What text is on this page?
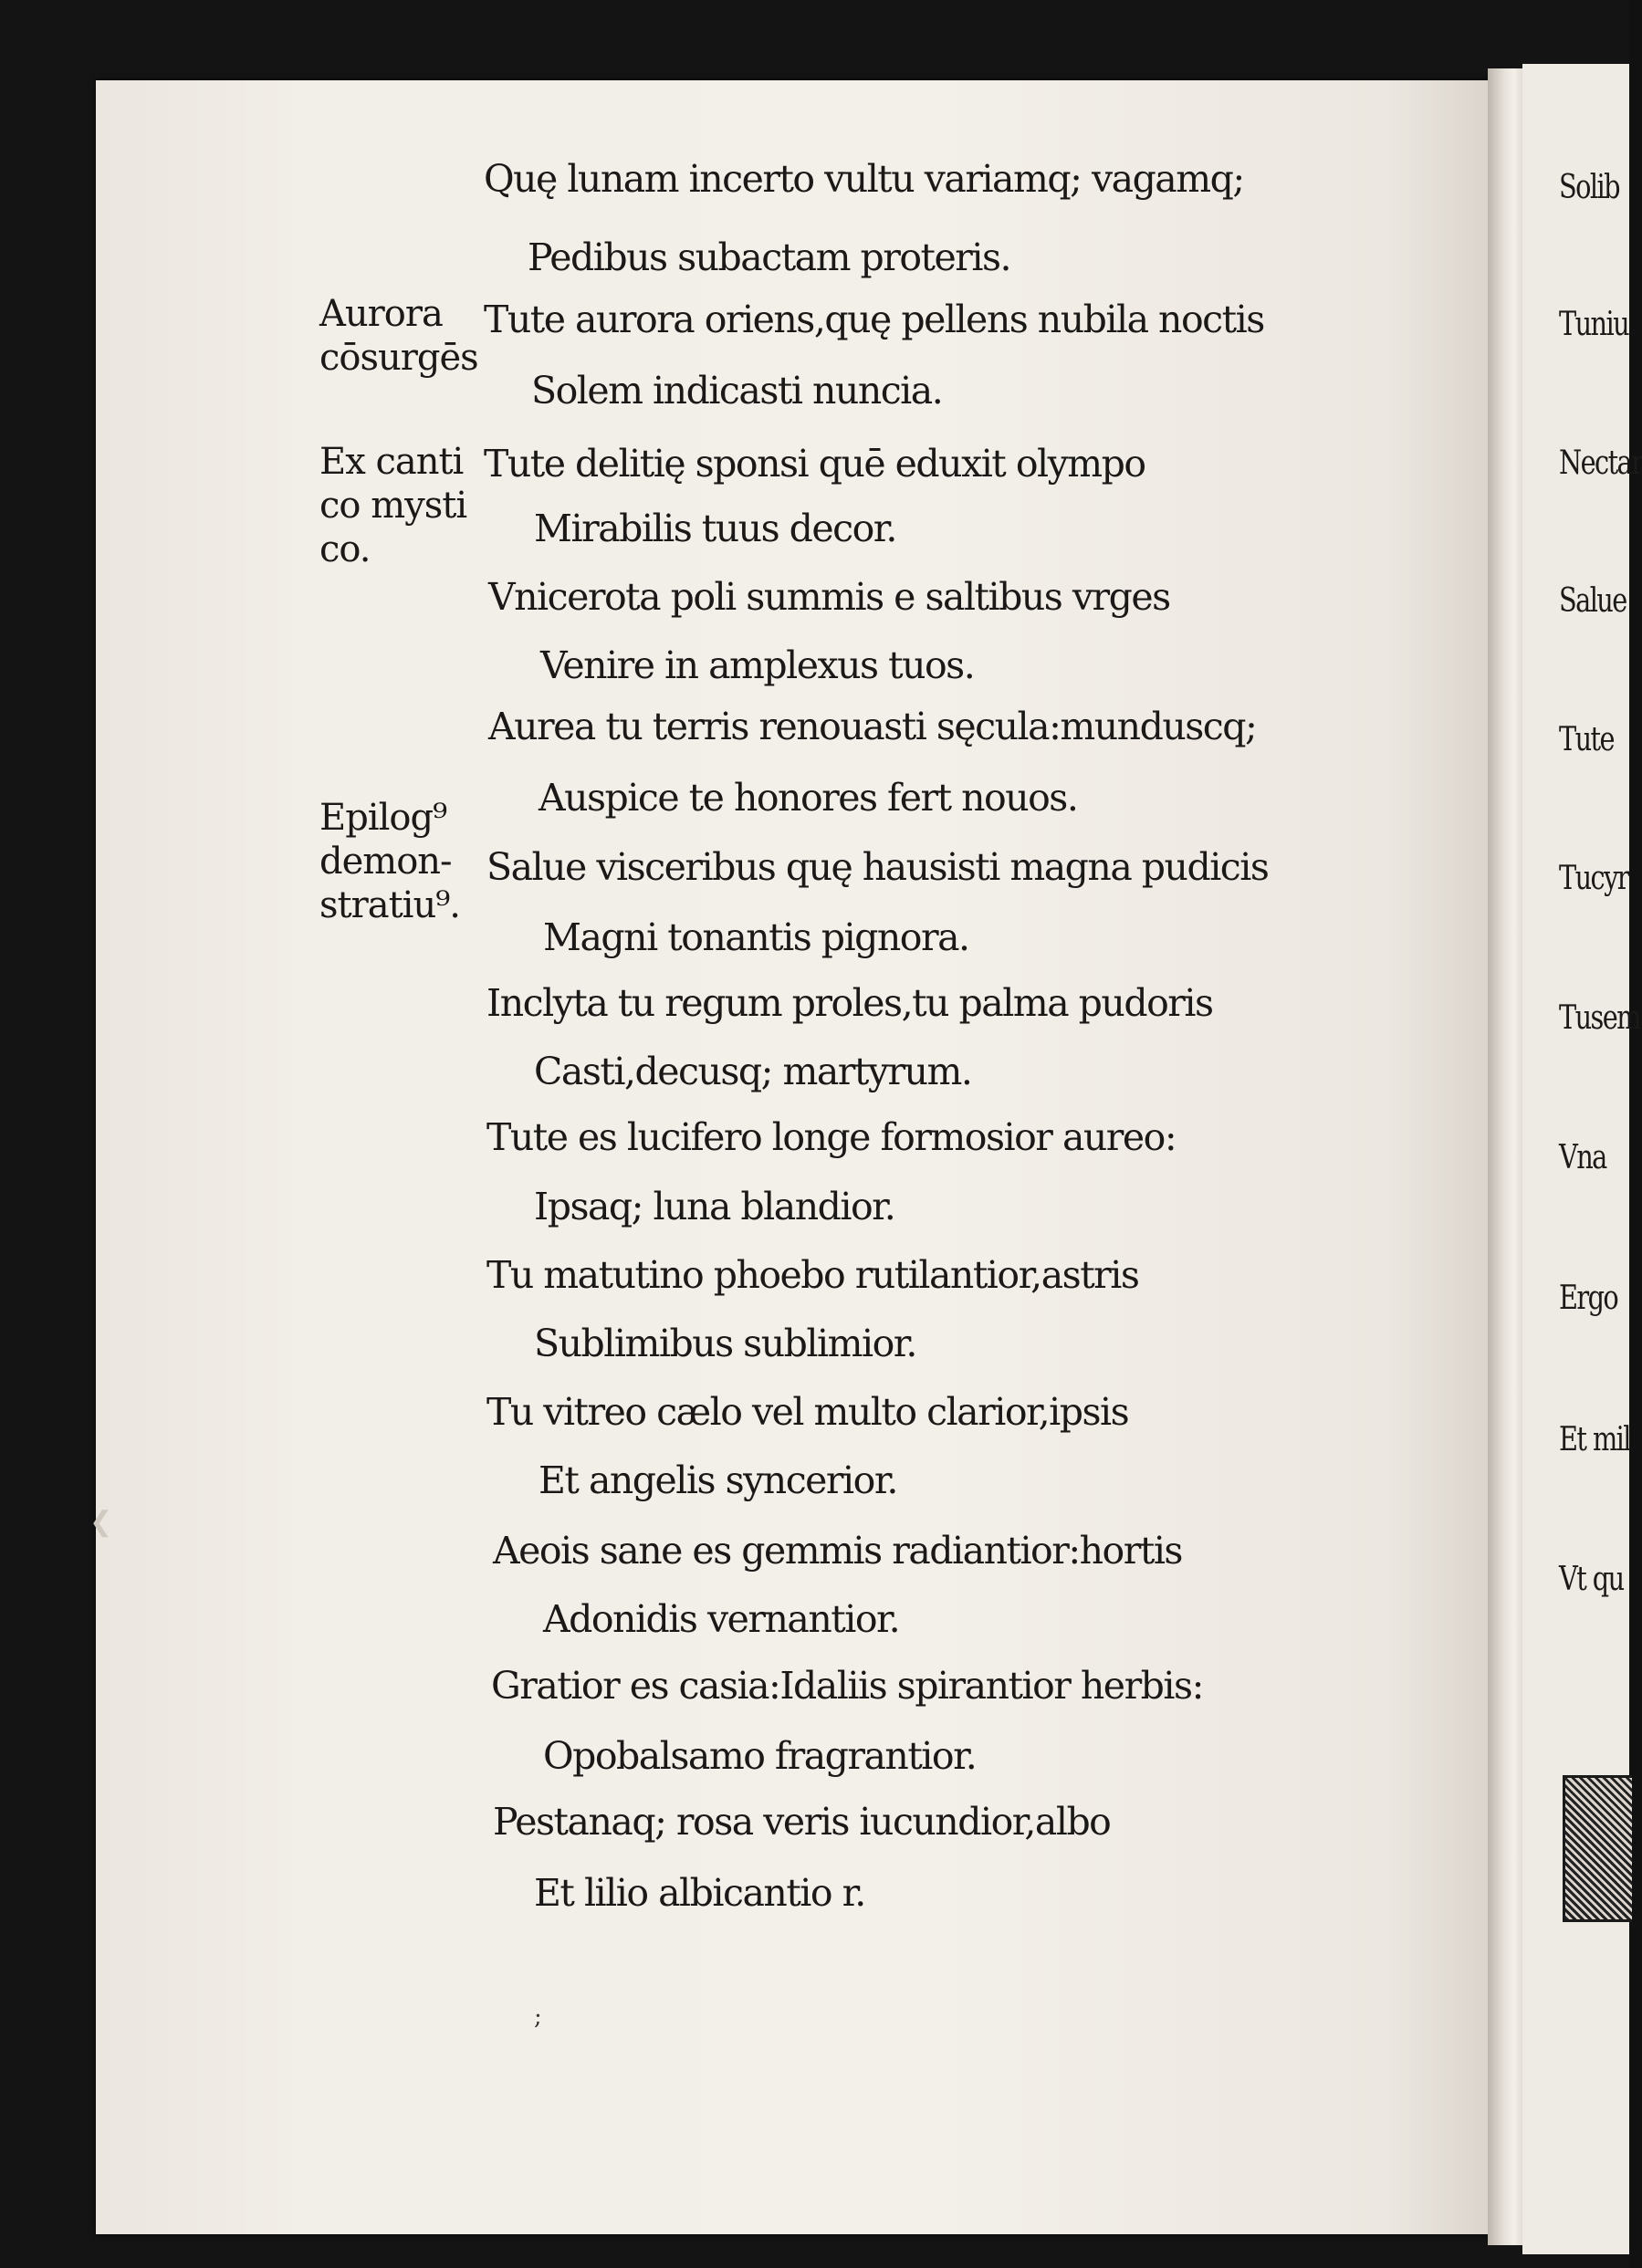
Quę lunam incerto vultu variamq; vagamq;
Pedibus subactam proteris.
Tute aurora oriens,quę pellens nubila noctis
Solem indicasti nuncia.
Tute delitię sponsi quē eduxit olympo
Mirabilis tuus decor.
Vnicerota poli summis e saltibus vrges
Venire in amplexus tuos.
Aurea tu terris renouasti sęcula:munduscq;
Auspice te honores fert nouos.
Salue visceribus quę hausisti magna pudicis
Magni tonantis pignora.
Inclyta tu regum proles,tu palma pudoris
Casti,decusq; martyrum.
Tute es lucifero longe formosior aureo:
Ipsaq; luna blandior.
Tu matutino phoebo rutilantior,astris
Sublimibus sublimior.
Tu vitreo cælo vel multo clarior,ipsis
Et angelis syncerior.
Aeois sane es gemmis radiantior:hortis
Adonidis vernantior.
Gratior es casia:Idaliis spirantior herbis:
Opobalsamo fragrantior.
Pestanaq; rosa veris iucundior,albo
Et lilio albicantio r.
Aurora
cōsurgēs
Ex canti
co mysti
co.
Epilog⁹
demon-
stratiu⁹.
Solib
Tuniu
Nectar
Salue
Tute
Tucyr
Tusem
Vna
Ergo
Et mil
Vt qu
;
❮
